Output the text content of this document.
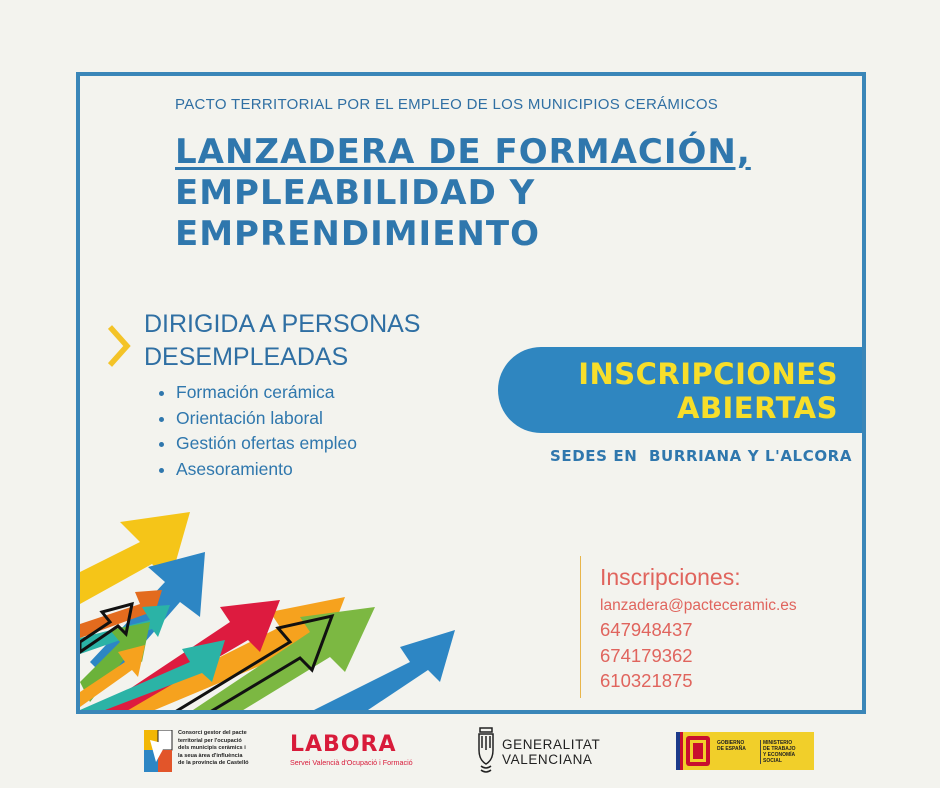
PACTO TERRITORIAL POR EL EMPLEO DE LOS MUNICIPIOS CERÁMICOS
LANZADERA DE FORMACIÓN,
EMPLEABILIDAD Y
EMPRENDIMIENTO
DIRIGIDA A PERSONAS
DESEMPLEADAS
• Formación cerámica
• Orientación laboral
• Gestión ofertas empleo
• Asesoramiento
INSCRIPCIONES
ABIERTAS
SEDES EN  BURRIANA Y L'ALCORA
Inscripciones:
lanzadera@pacteceramic.es
647948437
674179362
610321875
Consorci gestor del pacte
territorial per l'ocupació
dels municipis ceràmics i
la seua àrea d'influència
de la província de Castelló
LABORA
Servei Valencià d'Ocupació i Formació
GENERALITAT
VALENCIANA
GOBIERNO
DE ESPAÑA
MINISTERIO
DE TRABAJO
Y ECONOMÍA SOCIAL
